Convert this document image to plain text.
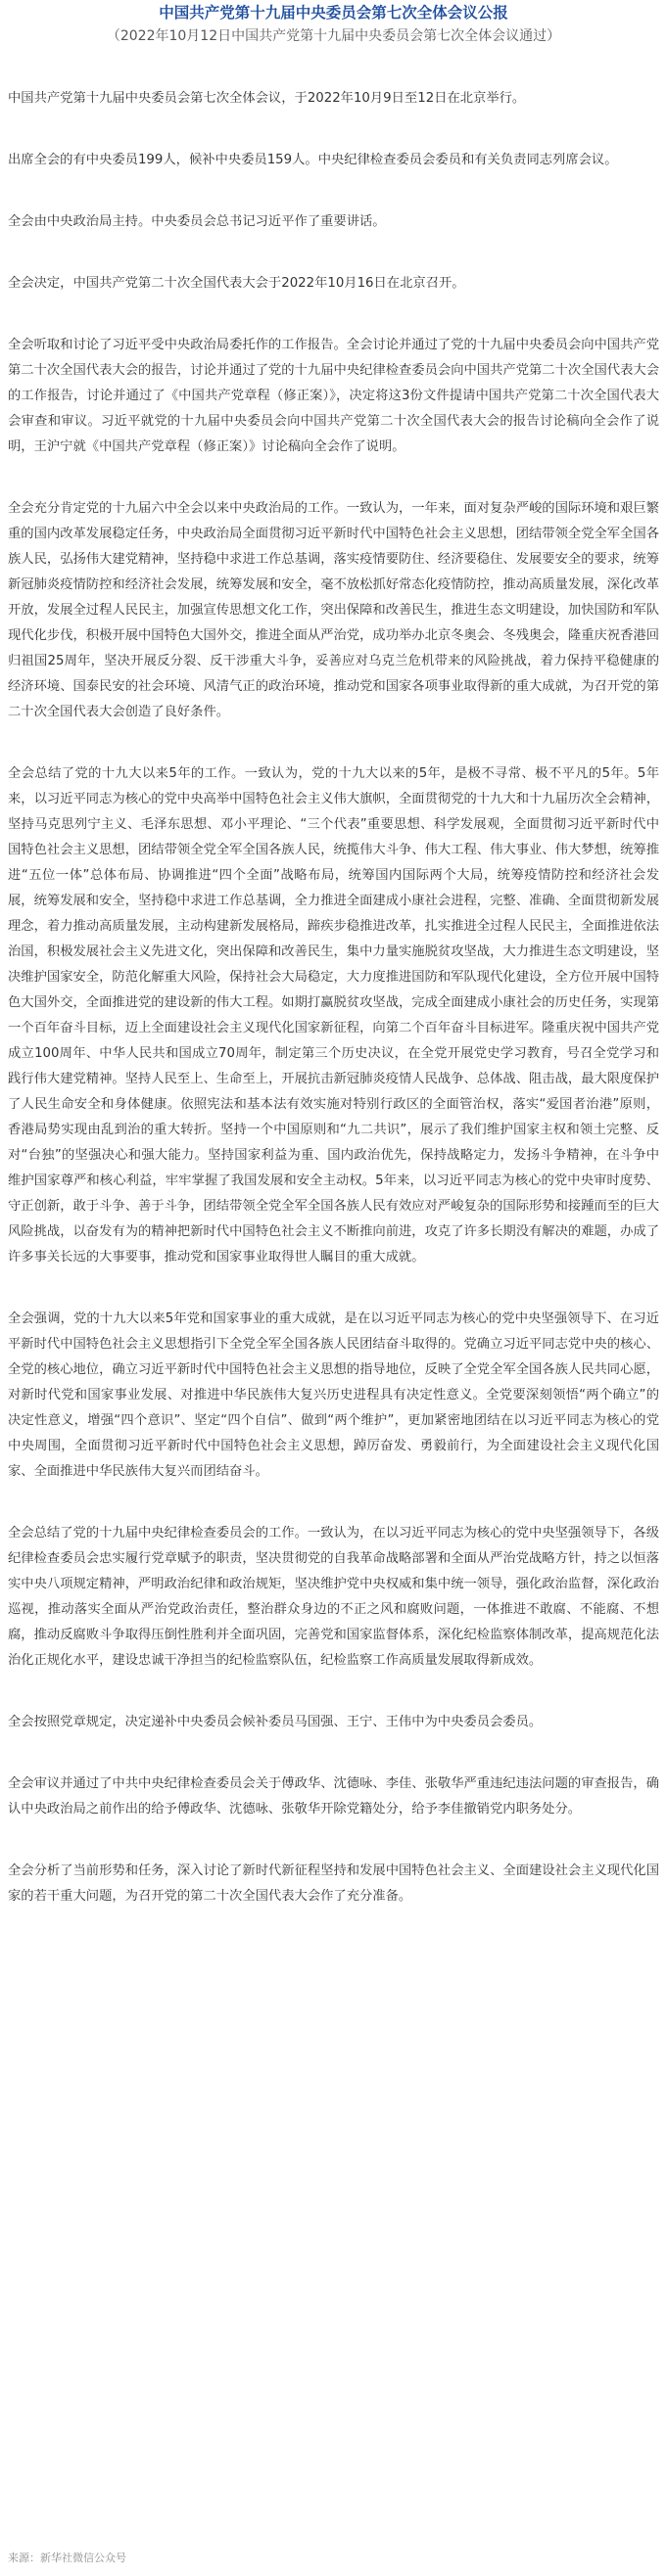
中国共产党第十九届中央委员会第七次全体会议公报
（2022年10月12日中国共产党第十九届中央委员会第七次全体会议通过）

中国共产党第十九届中央委员会第七次全体会议，于2022年10月9日至12日在北京举行。

出席全会的有中央委员199人，候补中央委员159人。中央纪律检查委员会委员和有关负责同志列席会议。

全会由中央政治局主持。中央委员会总书记习近平作了重要讲话。

全会决定，中国共产党第二十次全国代表大会于2022年10月16日在北京召开。

全会听取和讨论了习近平受中央政治局委托作的工作报告。全会讨论并通过了党的十九届中央委员会向中国共产党第二十次全国代表大会的报告，讨论并通过了党的十九届中央纪律检查委员会向中国共产党第二十次全国代表大会的工作报告，讨论并通过了《中国共产党章程（修正案）》，决定将这3份文件提请中国共产党第二十次全国代表大会审查和审议。习近平就党的十九届中央委员会向中国共产党第二十次全国代表大会的报告讨论稿向全会作了说明，王沪宁就《中国共产党章程（修正案）》讨论稿向全会作了说明。

全会充分肯定党的十九届六中全会以来中央政治局的工作。一致认为，一年来，面对复杂严峻的国际环境和艰巨繁重的国内改革发展稳定任务，中央政治局全面贯彻习近平新时代中国特色社会主义思想，团结带领全党全军全国各族人民，弘扬伟大建党精神，坚持稳中求进工作总基调，落实疫情要防住、经济要稳住、发展要安全的要求，统筹新冠肺炎疫情防控和经济社会发展，统筹发展和安全，毫不放松抓好常态化疫情防控，推动高质量发展，深化改革开放，发展全过程人民民主，加强宣传思想文化工作，突出保障和改善民生，推进生态文明建设，加快国防和军队现代化步伐，积极开展中国特色大国外交，推进全面从严治党，成功举办北京冬奥会、冬残奥会，隆重庆祝香港回归祖国25周年，坚决开展反分裂、反干涉重大斗争，妥善应对乌克兰危机带来的风险挑战，着力保持平稳健康的经济环境、国泰民安的社会环境、风清气正的政治环境，推动党和国家各项事业取得新的重大成就，为召开党的第二十次全国代表大会创造了良好条件。

全会总结了党的十九大以来5年的工作。一致认为，党的十九大以来的5年，是极不寻常、极不平凡的5年。5年来，以习近平同志为核心的党中央高举中国特色社会主义伟大旗帜，全面贯彻党的十九大和十九届历次全会精神，坚持马克思列宁主义、毛泽东思想、邓小平理论、“三个代表”重要思想、科学发展观，全面贯彻习近平新时代中国特色社会主义思想，团结带领全党全军全国各族人民，统揽伟大斗争、伟大工程、伟大事业、伟大梦想，统筹推进“五位一体”总体布局、协调推进“四个全面”战略布局，统筹国内国际两个大局，统筹疫情防控和经济社会发展，统筹发展和安全，坚持稳中求进工作总基调，全力推进全面建成小康社会进程，完整、准确、全面贯彻新发展理念，着力推动高质量发展，主动构建新发展格局，蹄疾步稳推进改革，扎实推进全过程人民民主，全面推进依法治国，积极发展社会主义先进文化，突出保障和改善民生，集中力量实施脱贫攻坚战，大力推进生态文明建设，坚决维护国家安全，防范化解重大风险，保持社会大局稳定，大力度推进国防和军队现代化建设，全方位开展中国特色大国外交，全面推进党的建设新的伟大工程。如期打赢脱贫攻坚战，完成全面建成小康社会的历史任务，实现第一个百年奋斗目标，迈上全面建设社会主义现代化国家新征程，向第二个百年奋斗目标进军。隆重庆祝中国共产党成立100周年、中华人民共和国成立70周年，制定第三个历史决议，在全党开展党史学习教育，号召全党学习和践行伟大建党精神。坚持人民至上、生命至上，开展抗击新冠肺炎疫情人民战争、总体战、阻击战，最大限度保护了人民生命安全和身体健康。依照宪法和基本法有效实施对特别行政区的全面管治权，落实“爱国者治港”原则，香港局势实现由乱到治的重大转折。坚持一个中国原则和“九二共识”，展示了我们维护国家主权和领土完整、反对“台独”的坚强决心和强大能力。坚持国家利益为重、国内政治优先，保持战略定力，发扬斗争精神，在斗争中维护国家尊严和核心利益，牢牢掌握了我国发展和安全主动权。5年来，以习近平同志为核心的党中央审时度势、守正创新，敢于斗争、善于斗争，团结带领全党全军全国各族人民有效应对严峻复杂的国际形势和接踵而至的巨大风险挑战，以奋发有为的精神把新时代中国特色社会主义不断推向前进，攻克了许多长期没有解决的难题，办成了许多事关长远的大事要事，推动党和国家事业取得世人瞩目的重大成就。

全会强调，党的十九大以来5年党和国家事业的重大成就，是在以习近平同志为核心的党中央坚强领导下、在习近平新时代中国特色社会主义思想指引下全党全军全国各族人民团结奋斗取得的。党确立习近平同志党中央的核心、全党的核心地位，确立习近平新时代中国特色社会主义思想的指导地位，反映了全党全军全国各族人民共同心愿，对新时代党和国家事业发展、对推进中华民族伟大复兴历史进程具有决定性意义。全党要深刻领悟“两个确立”的决定性意义，增强“四个意识”、坚定“四个自信”、做到“两个维护”，更加紧密地团结在以习近平同志为核心的党中央周围，全面贯彻习近平新时代中国特色社会主义思想，踔厉奋发、勇毅前行，为全面建设社会主义现代化国家、全面推进中华民族伟大复兴而团结奋斗。

全会总结了党的十九届中央纪律检查委员会的工作。一致认为，在以习近平同志为核心的党中央坚强领导下，各级纪律检查委员会忠实履行党章赋予的职责，坚决贯彻党的自我革命战略部署和全面从严治党战略方针，持之以恒落实中央八项规定精神，严明政治纪律和政治规矩，坚决维护党中央权威和集中统一领导，强化政治监督，深化政治巡视，推动落实全面从严治党政治责任，整治群众身边的不正之风和腐败问题，一体推进不敢腐、不能腐、不想腐，推动反腐败斗争取得压倒性胜利并全面巩固，完善党和国家监督体系，深化纪检监察体制改革，提高规范化法治化正规化水平，建设忠诚干净担当的纪检监察队伍，纪检监察工作高质量发展取得新成效。

全会按照党章规定，决定递补中央委员会候补委员马国强、王宁、王伟中为中央委员会委员。

全会审议并通过了中共中央纪律检查委员会关于傅政华、沈德咏、李佳、张敬华严重违纪违法问题的审查报告，确认中央政治局之前作出的给予傅政华、沈德咏、张敬华开除党籍处分，给予李佳撤销党内职务处分。

全会分析了当前形势和任务，深入讨论了新时代新征程坚持和发展中国特色社会主义、全面建设社会主义现代化国家的若干重大问题，为召开党的第二十次全国代表大会作了充分准备。

来源：新华社微信公众号
